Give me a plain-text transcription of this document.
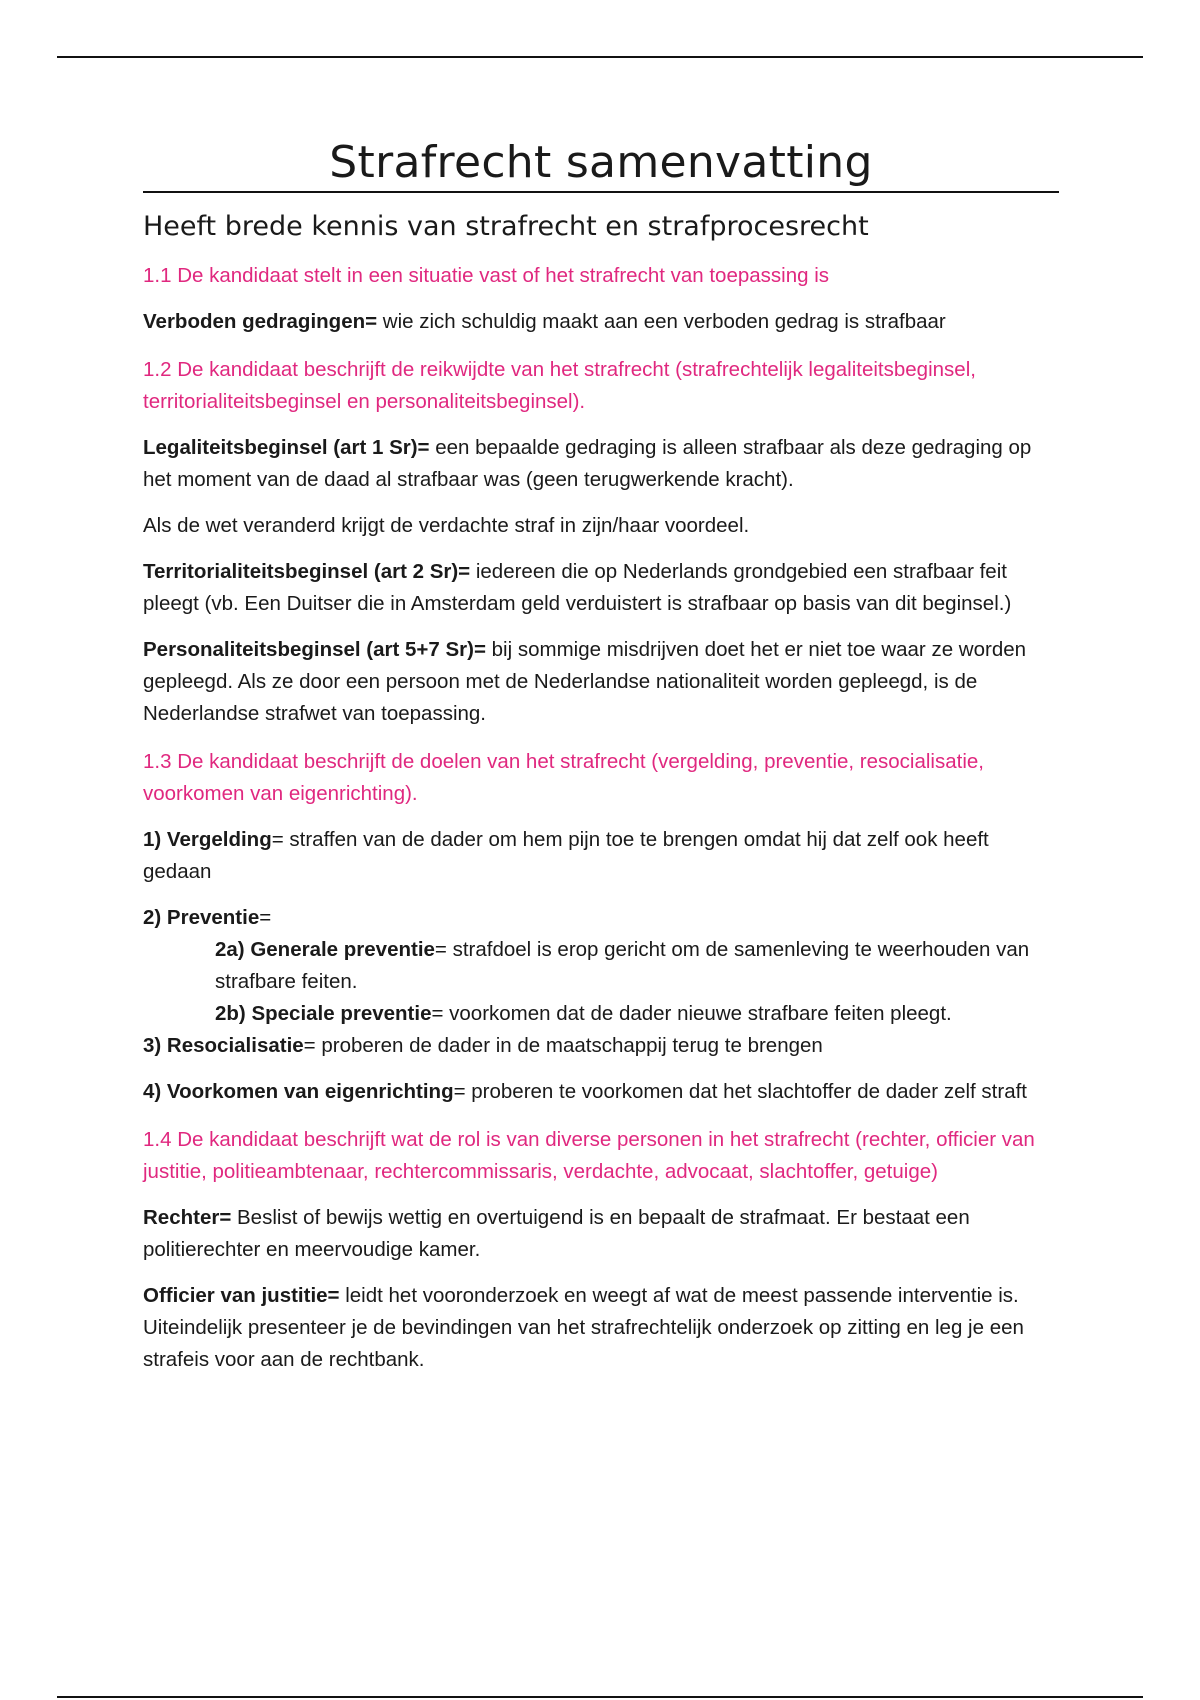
Strafrecht samenvatting
Heeft brede kennis van strafrecht en strafprocesrecht

1.1 De kandidaat stelt in een situatie vast of het strafrecht van toepassing is

Verboden gedragingen= wie zich schuldig maakt aan een verboden gedrag is strafbaar

1.2 De kandidaat beschrijft de reikwijdte van het strafrecht (strafrechtelijk legaliteitsbeginsel, territorialiteitsbeginsel en personaliteitsbeginsel).

Legaliteitsbeginsel (art 1 Sr)= een bepaalde gedraging is alleen strafbaar als deze gedraging op het moment van de daad al strafbaar was (geen terugwerkende kracht).

Als de wet veranderd krijgt de verdachte straf in zijn/haar voordeel.

Territorialiteitsbeginsel (art 2 Sr)= iedereen die op Nederlands grondgebied een strafbaar feit pleegt (vb. Een Duitser die in Amsterdam geld verduistert is strafbaar op basis van dit beginsel.)

Personaliteitsbeginsel (art 5+7 Sr)= bij sommige misdrijven doet het er niet toe waar ze worden gepleegd. Als ze door een persoon met de Nederlandse nationaliteit worden gepleegd, is de Nederlandse strafwet van toepassing.

1.3 De kandidaat beschrijft de doelen van het strafrecht (vergelding, preventie, resocialisatie, voorkomen van eigenrichting).

1) Vergelding= straffen van de dader om hem pijn toe te brengen omdat hij dat zelf ook heeft gedaan

2) Preventie=

2a) Generale preventie= strafdoel is erop gericht om de samenleving te weerhouden van strafbare feiten.

2b) Speciale preventie= voorkomen dat de dader nieuwe strafbare feiten pleegt.

3) Resocialisatie= proberen de dader in de maatschappij terug te brengen

4) Voorkomen van eigenrichting= proberen te voorkomen dat het slachtoffer de dader zelf straft

1.4 De kandidaat beschrijft wat de rol is van diverse personen in het strafrecht (rechter, officier van justitie, politieambtenaar, rechtercommissaris, verdachte, advocaat, slachtoffer, getuige)

Rechter= Beslist of bewijs wettig en overtuigend is en bepaalt de strafmaat. Er bestaat een politierechter en meervoudige kamer.

Officier van justitie= leidt het vooronderzoek en weegt af wat de meest passende interventie is. Uiteindelijk presenteer je de bevindingen van het strafrechtelijk onderzoek op zitting en leg je een strafeis voor aan de rechtbank.
